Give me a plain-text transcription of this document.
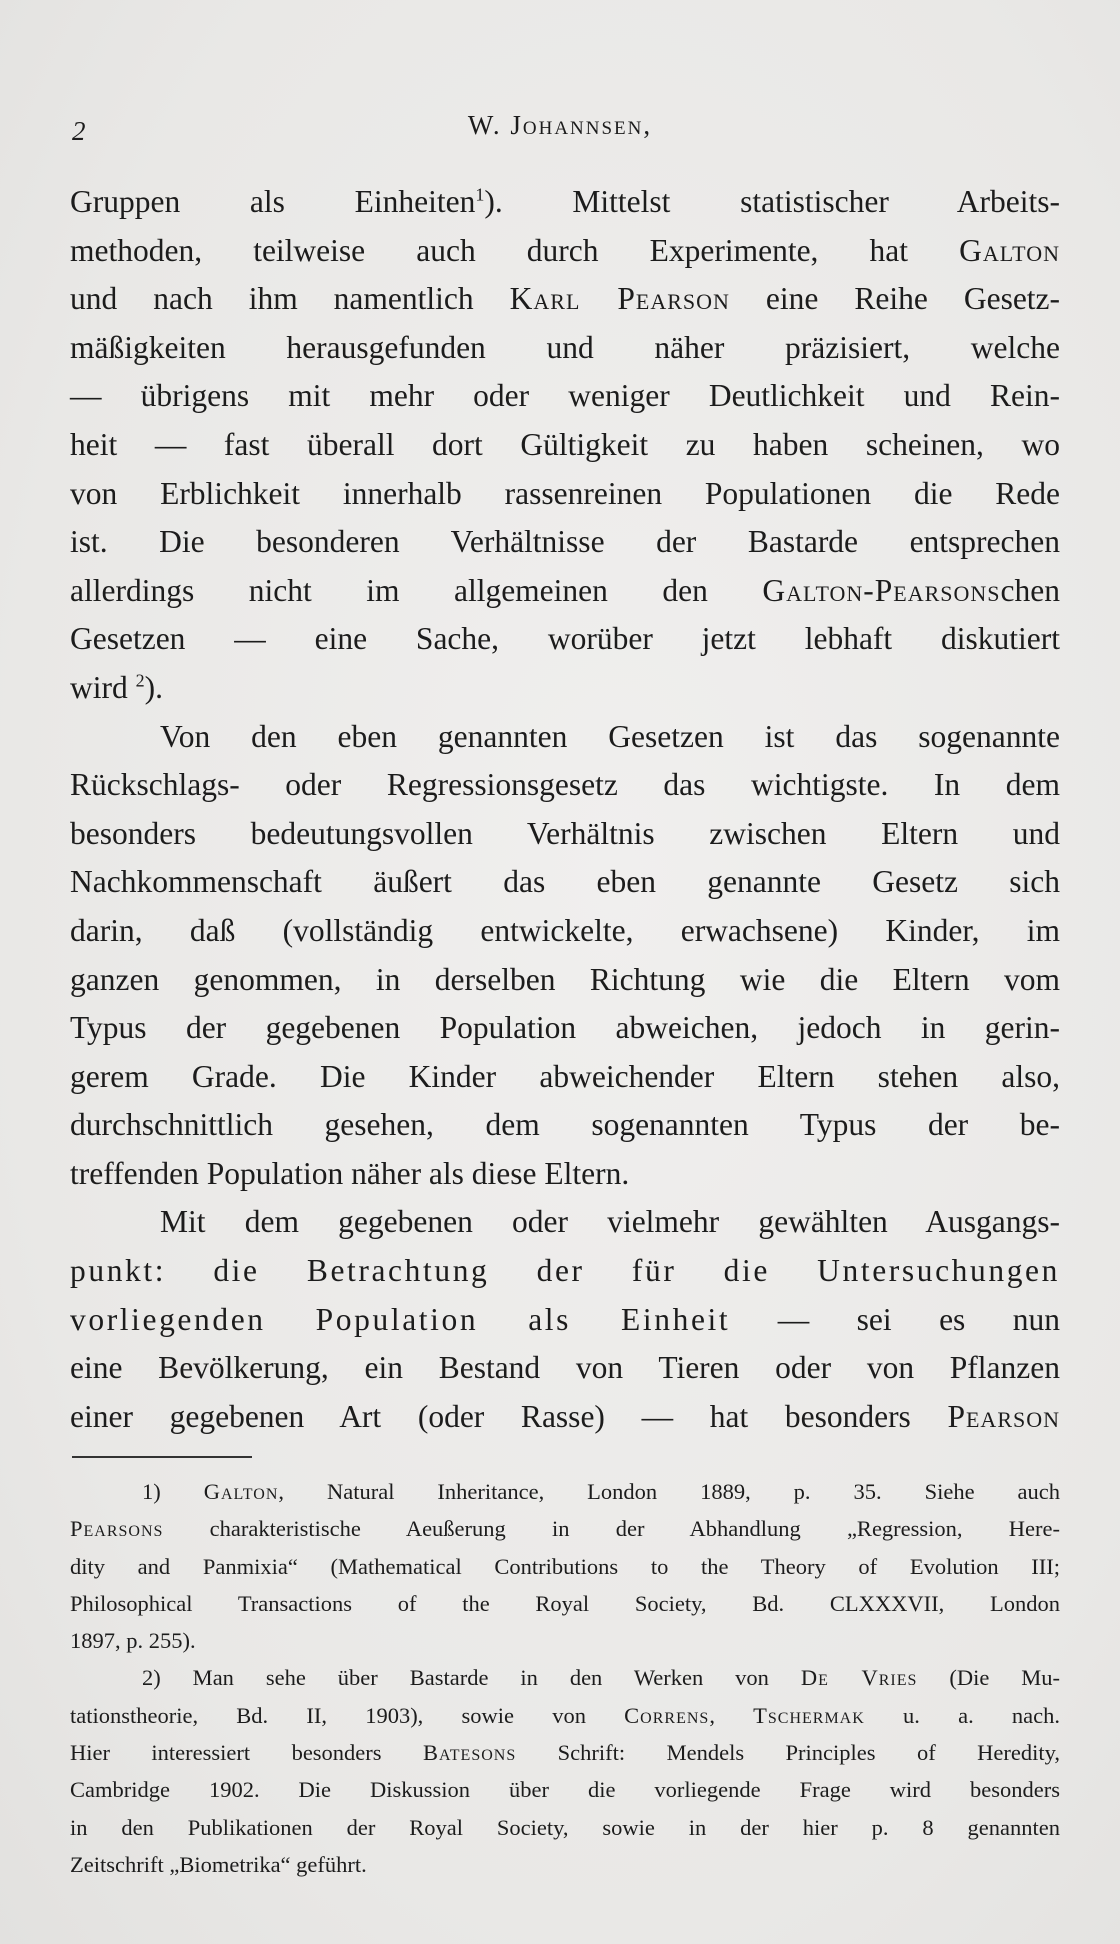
2	W. Johannsen,
Gruppen als Einheiten$^1$). Mittelst statistischer Arbeits-
methoden, teilweise auch durch Experimente, hat Galton
und nach ihm namentlich Karl Pearson eine Reihe Gesetz-
mäßigkeiten herausgefunden und näher präzisiert, welche
— übrigens mit mehr oder weniger Deutlichkeit und Rein-
heit — fast überall dort Gültigkeit zu haben scheinen, wo
von Erblichkeit innerhalb rassenreinen Populationen die Rede
ist. Die besonderen Verhältnisse der Bastarde entsprechen
allerdings nicht im allgemeinen den Galton-Pearsonschen
Gesetzen — eine Sache, worüber jetzt lebhaft diskutiert
wird $^2$).
Von den eben genannten Gesetzen ist das sogenannte
Rückschlags- oder Regressionsgesetz das wichtigste. In dem
besonders bedeutungsvollen Verhältnis zwischen Eltern und
Nachkommenschaft äußert das eben genannte Gesetz sich
darin, daß (vollständig entwickelte, erwachsene) Kinder, im
ganzen genommen, in derselben Richtung wie die Eltern vom
Typus der gegebenen Population abweichen, jedoch in gerin-
gerem Grade. Die Kinder abweichender Eltern stehen also,
durchschnittlich gesehen, dem sogenannten Typus der be-
treffenden Population näher als diese Eltern.
Mit dem gegebenen oder vielmehr gewählten Ausgangs-
punkt: die Betrachtung der für die Untersuchungen
vorliegenden Population als Einheit — sei es nun
eine Bevölkerung, ein Bestand von Tieren oder von Pflanzen
einer gegebenen Art (oder Rasse) — hat besonders Pearson
1) Galton, Natural Inheritance, London 1889, p. 35. Siehe auch
Pearsons charakteristische Aeußerung in der Abhandlung „Regression, Here-
dity and Panmixia“ (Mathematical Contributions to the Theory of Evolution III;
Philosophical Transactions of the Royal Society, Bd. CLXXXVII, London
1897, p. 255).
2) Man sehe über Bastarde in den Werken von De Vries (Die Mu-
tationstheorie, Bd. II, 1903), sowie von Correns, Tschermak u. a. nach.
Hier interessiert besonders Batesons Schrift: Mendels Principles of Heredity,
Cambridge 1902. Die Diskussion über die vorliegende Frage wird besonders
in den Publikationen der Royal Society, sowie in der hier p. 8 genannten
Zeitschrift „Biometrika“ geführt.
